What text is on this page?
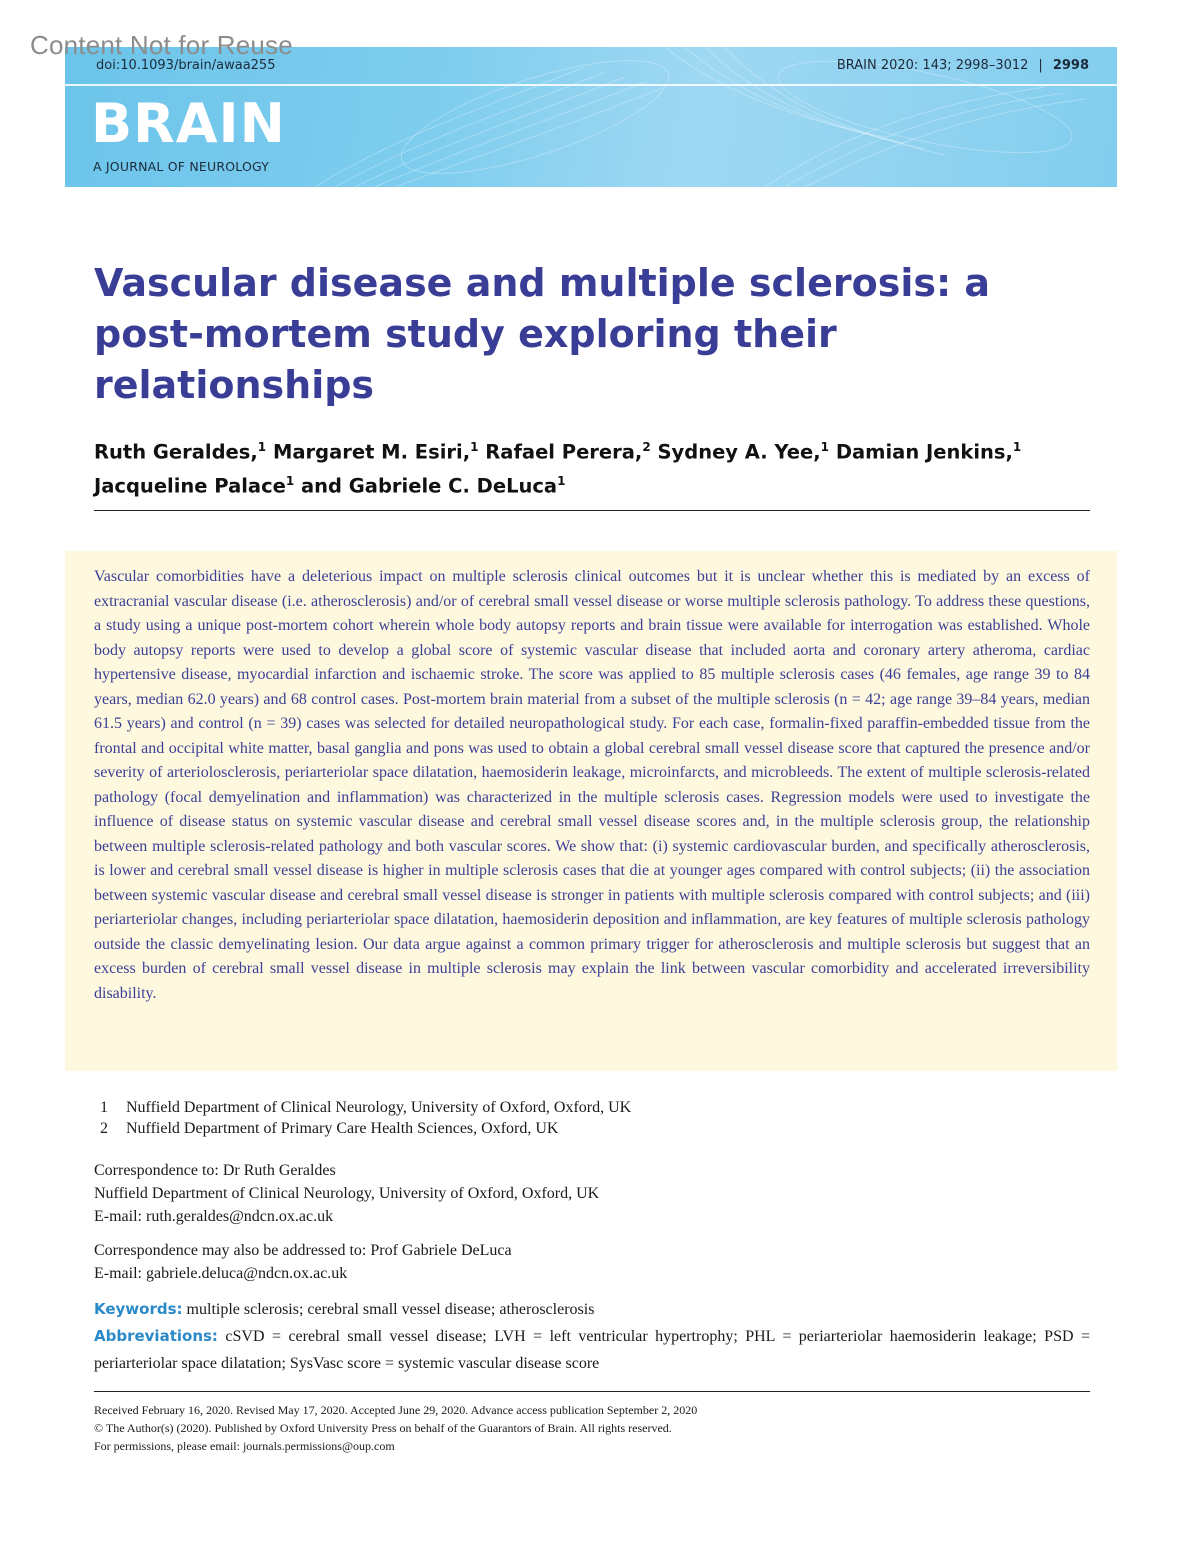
Content Not for Reuse
doi:10.1093/brain/awaa255	BRAIN 2020: 143; 2998–3012 | 2998
BRAIN
A JOURNAL OF NEUROLOGY
Vascular disease and multiple sclerosis: a post-mortem study exploring their relationships
Ruth Geraldes,$^1$ Margaret M. Esiri,$^1$ Rafael Perera,$^2$ Sydney A. Yee,$^1$ Damian Jenkins,$^1$
Jacqueline Palace$^1$ and Gabriele C. DeLuca$^1$

Vascular comorbidities have a deleterious impact on multiple sclerosis clinical outcomes but it is unclear whether this is mediated by an excess of extracranial vascular disease (i.e. atherosclerosis) and/or of cerebral small vessel disease or worse multiple sclerosis pathology. To address these questions, a study using a unique post-mortem cohort wherein whole body autopsy reports and brain tissue were available for interrogation was established. Whole body autopsy reports were used to develop a global score of systemic vascular disease that included aorta and coronary artery atheroma, cardiac hypertensive disease, myocardial infarction and ischaemic stroke. The score was applied to 85 multiple sclerosis cases (46 females, age range 39 to 84 years, median 62.0 years) and 68 control cases. Post-mortem brain material from a subset of the multiple sclerosis (n = 42; age range 39–84 years, median 61.5 years) and control (n = 39) cases was selected for detailed neuropathological study. For each case, formalin-fixed paraffin-embedded tissue from the frontal and occipital white matter, basal ganglia and pons was used to obtain a global cerebral small vessel disease score that captured the presence and/or severity of arteriolosclerosis, periarteriolar space dilatation, haemosiderin leakage, microinfarcts, and microbleeds. The extent of multiple sclerosis-related pathology (focal demyelination and inflammation) was characterized in the multiple sclerosis cases. Regression models were used to investigate the influence of disease status on systemic vascular disease and cerebral small vessel disease scores and, in the multiple sclerosis group, the relationship between multiple sclerosis-related pathology and both vascular scores. We show that: (i) systemic cardiovascular burden, and specifically atherosclerosis, is lower and cerebral small vessel disease is higher in multiple sclerosis cases that die at younger ages compared with control subjects; (ii) the association between systemic vascular disease and cerebral small vessel disease is stronger in patients with multiple sclerosis compared with control subjects; and (iii) periarteriolar changes, including periarteriolar space dilatation, haemosiderin deposition and inflammation, are key features of multiple sclerosis pathology outside the classic demyelinating lesion. Our data argue against a common primary trigger for atherosclerosis and multiple sclerosis but suggest that an excess burden of cerebral small vessel disease in multiple sclerosis may explain the link between vascular comorbidity and accelerated irreversibility disability.

1	Nuffield Department of Clinical Neurology, University of Oxford, Oxford, UK
2	Nuffield Department of Primary Care Health Sciences, Oxford, UK
Correspondence to: Dr Ruth Geraldes
Nuffield Department of Clinical Neurology, University of Oxford, Oxford, UK
E-mail: ruth.geraldes@ndcn.ox.ac.uk
Correspondence may also be addressed to: Prof Gabriele DeLuca
E-mail: gabriele.deluca@ndcn.ox.ac.uk
Keywords: multiple sclerosis; cerebral small vessel disease; atherosclerosis
Abbreviations: cSVD = cerebral small vessel disease; LVH = left ventricular hypertrophy; PHL = periarteriolar haemosiderin leakage; PSD = periarteriolar space dilatation; SysVasc score = systemic vascular disease score
Received February 16, 2020. Revised May 17, 2020. Accepted June 29, 2020. Advance access publication September 2, 2020
© The Author(s) (2020). Published by Oxford University Press on behalf of the Guarantors of Brain. All rights reserved.
For permissions, please email: journals.permissions@oup.com
